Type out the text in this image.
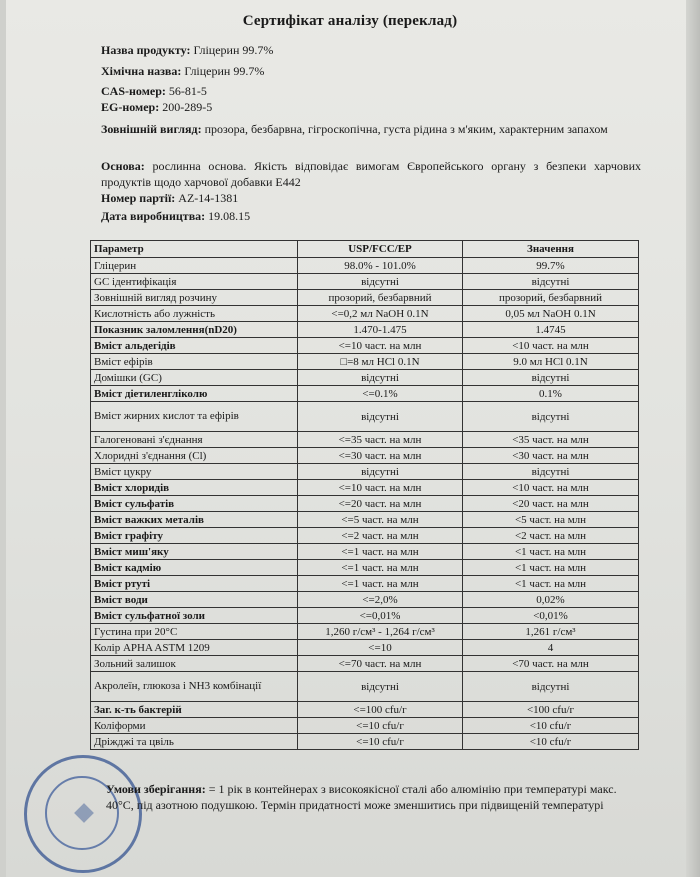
Сертифікат аналізу (переклад)
Назва продукту: Гліцерин 99.7%
Хімічна назва: Гліцерин 99.7%
CAS-номер: 56-81-5
EG-номер: 200-289-5
Зовнішній вигляд: прозора, безбарвна, гігроскопічна, густа рідина з м'яким, характерним запахом
Основа: рослинна основа. Якість відповідає вимогам Європейського органу з безпеки харчових продуктів щодо харчової добавки Е442
Номер партії: AZ-14-1381
Дата виробництва: 19.08.15
Параметр	USP/FCC/EP	Значення
Гліцерин	98.0% - 101.0%	99.7%
GC ідентифікація	відсутні	відсутні
Зовнішній вигляд розчину	прозорий, безбарвний	прозорий, безбарвний
Кислотність або лужність	<=0,2 мл NaOH 0.1N	0,05 мл NaOH 0.1N
Показник заломлення(nD20)	1.470-1.475	1.4745
Вміст альдегідів	<=10 част. на млн	<10 част. на млн
Вміст ефірів	□=8 мл HCl 0.1N	9.0 мл HCl 0.1N
Домішки (GC)	відсутні	відсутні
Вміст діетиленгліколю	<=0.1%	0.1%
Вміст жирних кислот та ефірів	відсутні	відсутні
Галогеновані з'єднання	<=35 част. на млн	<35 част. на млн
Хлоридні з'єднання (Cl)	<=30 част. на млн	<30 част. на млн
Вміст цукру	відсутні	відсутні
Вміст хлоридів	<=10 част. на млн	<10 част. на млн
Вміст сульфатів	<=20 част. на млн	<20 част. на млн
Вміст важких металів	<=5 част. на млн	<5 част. на млн
Вміст графіту	<=2 част. на млн	<2 част. на млн
Вміст миш'яку	<=1 част. на млн	<1 част. на млн
Вміст кадмію	<=1 част. на млн	<1 част. на млн
Вміст ртуті	<=1 част. на млн	<1 част. на млн
Вміст води	<=2,0%	0,02%
Вміст сульфатної золи	<=0,01%	<0,01%
Густина при 20°C	1,260 г/см³ - 1,264 г/см³	1,261 г/см³
Колір APHA ASTM 1209	<=10	4
Зольний залишок	<=70 част. на млн	<70 част. на млн
Акролеїн, глюкоза і NH3 комбінації	відсутні	відсутні
Заг. к-ть бактерій	<=100 cfu/г	<100 cfu/г
Коліформи	<=10 cfu/г	<10 cfu/г
Дріжджі та цвіль	<=10 cfu/г	<10 cfu/г
Умови зберігання: = 1 рік в контейнерах з високоякісної сталі або алюмінію при температурі макс. 40°C, під азотною подушкою. Термін придатності може зменшитись при підвищеній температурі
